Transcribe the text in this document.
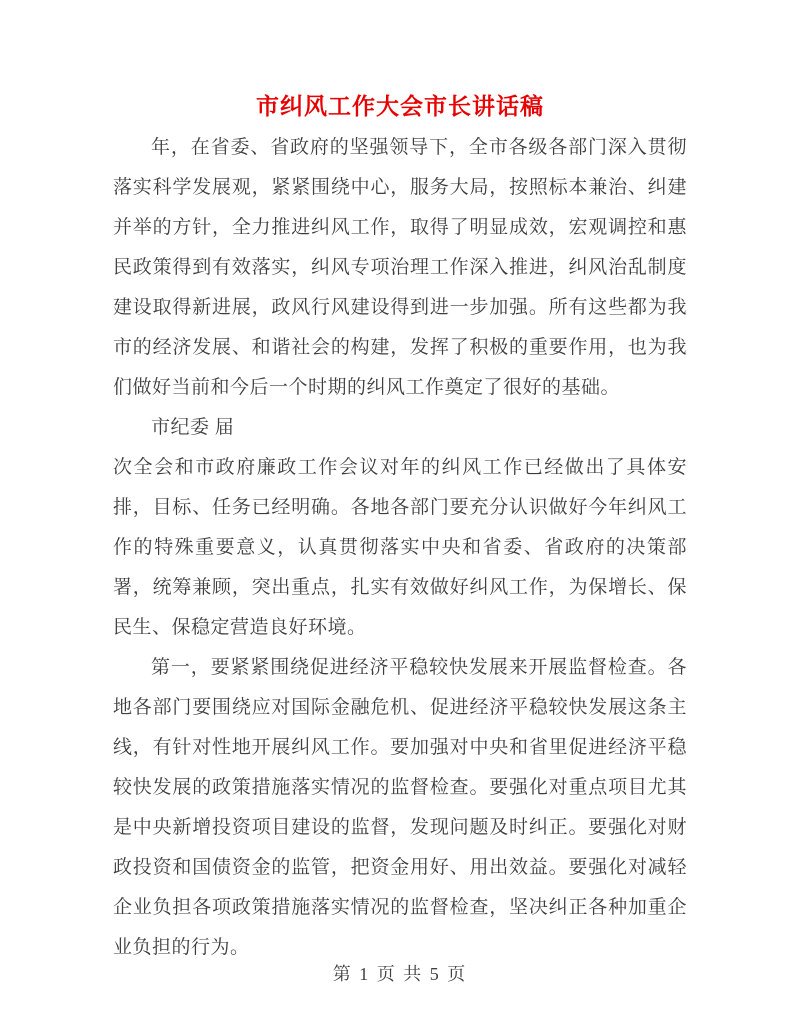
市纠风工作大会市长讲话稿

年，在省委、省政府的坚强领导下，全市各级各部门深入贯彻落实科学发展观，紧紧围绕中心，服务大局，按照标本兼治、纠建并举的方针，全力推进纠风工作，取得了明显成效，宏观调控和惠民政策得到有效落实，纠风专项治理工作深入推进，纠风治乱制度建设取得新进展，政风行风建设得到进一步加强。所有这些都为我市的经济发展、和谐社会的构建，发挥了积极的重要作用，也为我们做好当前和今后一个时期的纠风工作奠定了很好的基础。

市纪委 届

次全会和市政府廉政工作会议对年的纠风工作已经做出了具体安排，目标、任务已经明确。各地各部门要充分认识做好今年纠风工作的特殊重要意义，认真贯彻落实中央和省委、省政府的决策部署，统筹兼顾，突出重点，扎实有效做好纠风工作，为保增长、保民生、保稳定营造良好环境。

第一，要紧紧围绕促进经济平稳较快发展来开展监督检查。各地各部门要围绕应对国际金融危机、促进经济平稳较快发展这条主线，有针对性地开展纠风工作。要加强对中央和省里促进经济平稳较快发展的政策措施落实情况的监督检查。要强化对重点项目尤其是中央新增投资项目建设的监督，发现问题及时纠正。要强化对财政投资和国债资金的监管，把资金用好、用出效益。要强化对减轻企业负担各项政策措施落实情况的监督检查，坚决纠正各种加重企业负担的行为。

第 1 页 共 5 页
